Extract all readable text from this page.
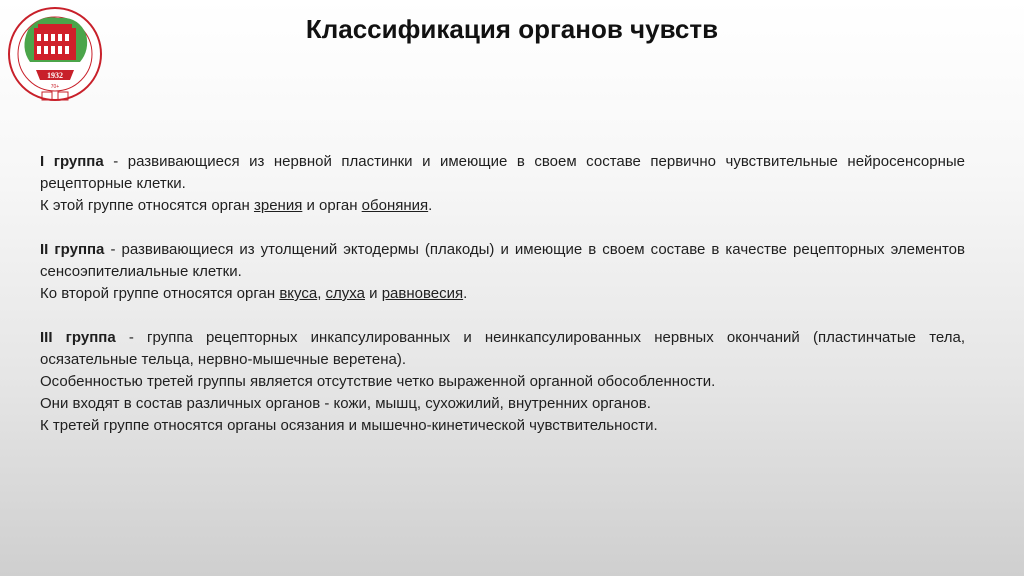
1932
70+
Классификация органов чувств

I группа - развивающиеся из нервной пластинки и имеющие в своем составе первично чувствительные нейросенсорные рецепторные клетки.

К этой группе относятся орган зрения и орган обоняния.

II группа - развивающиеся из утолщений эктодермы (плакоды) и имеющие в своем составе в качестве рецепторных элементов сенсоэпителиальные клетки.

Ко второй группе относятся орган вкуса, слуха и равновесия.

III группа - группа рецепторных инкапсулированных и неинкапсулированных нервных окончаний (пластинчатые тела, осязательные тельца, нервно-мышечные веретена).

Особенностью третей группы является отсутствие четко выраженной органной обособленности.

Они входят в состав различных органов - кожи, мышц, сухожилий, внутренних органов.

К третей группе относятся органы осязания и мышечно-кинетической чувствительности.
